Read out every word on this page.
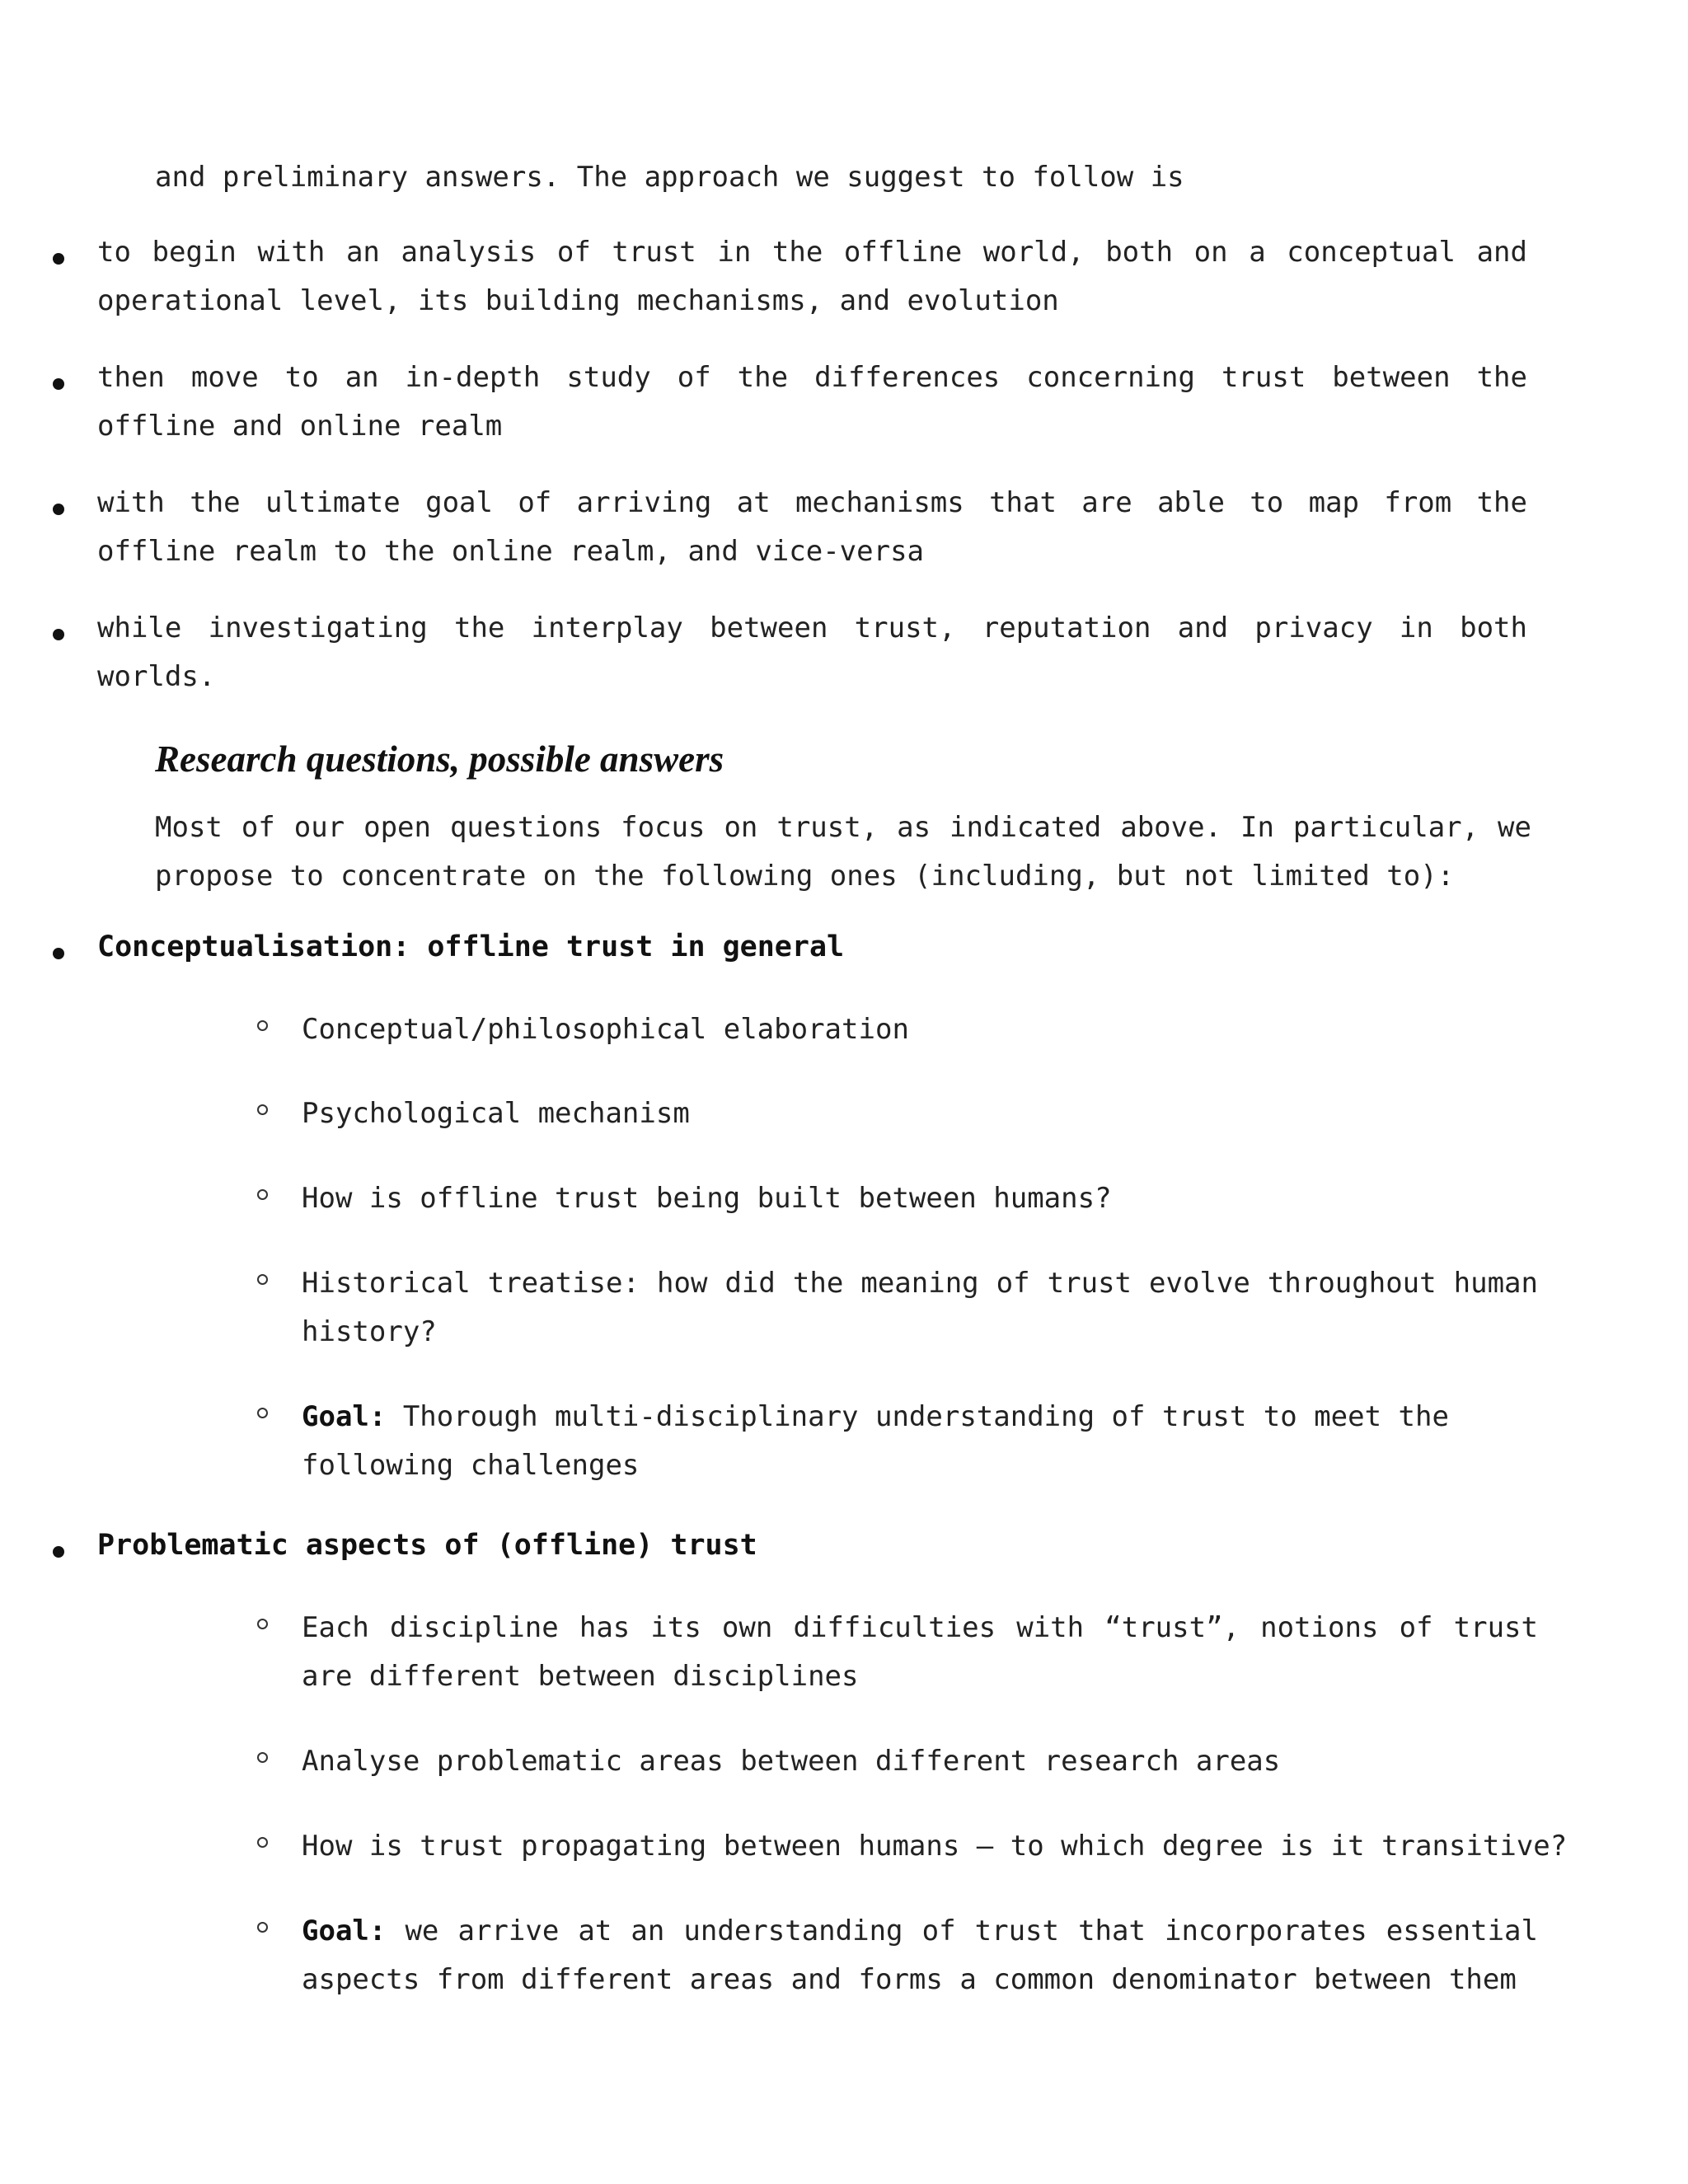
and preliminary answers. The approach we suggest to follow is
to begin with an analysis of trust in the offline world, both on a conceptual and operational level, its building mechanisms, and evolution
then move to an in-depth study of the differences concerning trust between the offline and online realm
with the ultimate goal of arriving at mechanisms that are able to map from the offline realm to the online realm, and vice-versa
while investigating the interplay between trust, reputation and privacy in both worlds.
Research questions, possible answers
Most of our open questions focus on trust, as indicated above. In particular, we propose to concentrate on the following ones (including, but not limited to):
Conceptualisation: offline trust in general
Conceptual/philosophical elaboration
Psychological mechanism
How is offline trust being built between humans?
Historical treatise: how did the meaning of trust evolve throughout human history?
Goal: Thorough multi-disciplinary understanding of trust to meet the following challenges
Problematic aspects of (offline) trust
Each discipline has its own difficulties with “trust”, notions of trust are different between disciplines
Analyse problematic areas between different research areas
How is trust propagating between humans – to which degree is it transitive?
Goal: we arrive at an understanding of trust that incorporates essential aspects from different areas and forms a common denominator between them
